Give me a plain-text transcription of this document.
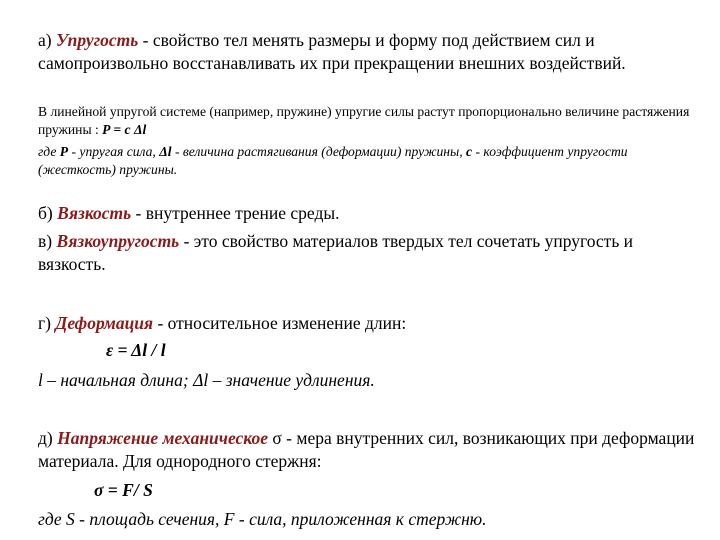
а) Упругость - свойство тел менять размеры и форму под действием сил и самопроизвольно восстанавливать их при прекращении внешних воздействий.
В линейной упругой системе (например, пружине) упругие силы растут пропорционально величине растяжения пружины : P = c Δl
где P - упругая сила, Δl - величина растягивания (деформации) пружины, c - коэффициент упругости (жесткость) пружины.
б) Вязкость - внутреннее трение среды.
в) Вязкоупругость - это свойство материалов твердых тел сочетать упругость и вязкость.
г) Деформация - относительное изменение длин:
ε = Δl / l
l – начальная длина; Δl – значение удлинения.
д) Напряжение механическое σ - мера внутренних сил, возникающих при деформации материала. Для однородного стержня:
σ = F/ S
где S - площадь сечения, F - сила, приложенная к стержню.
